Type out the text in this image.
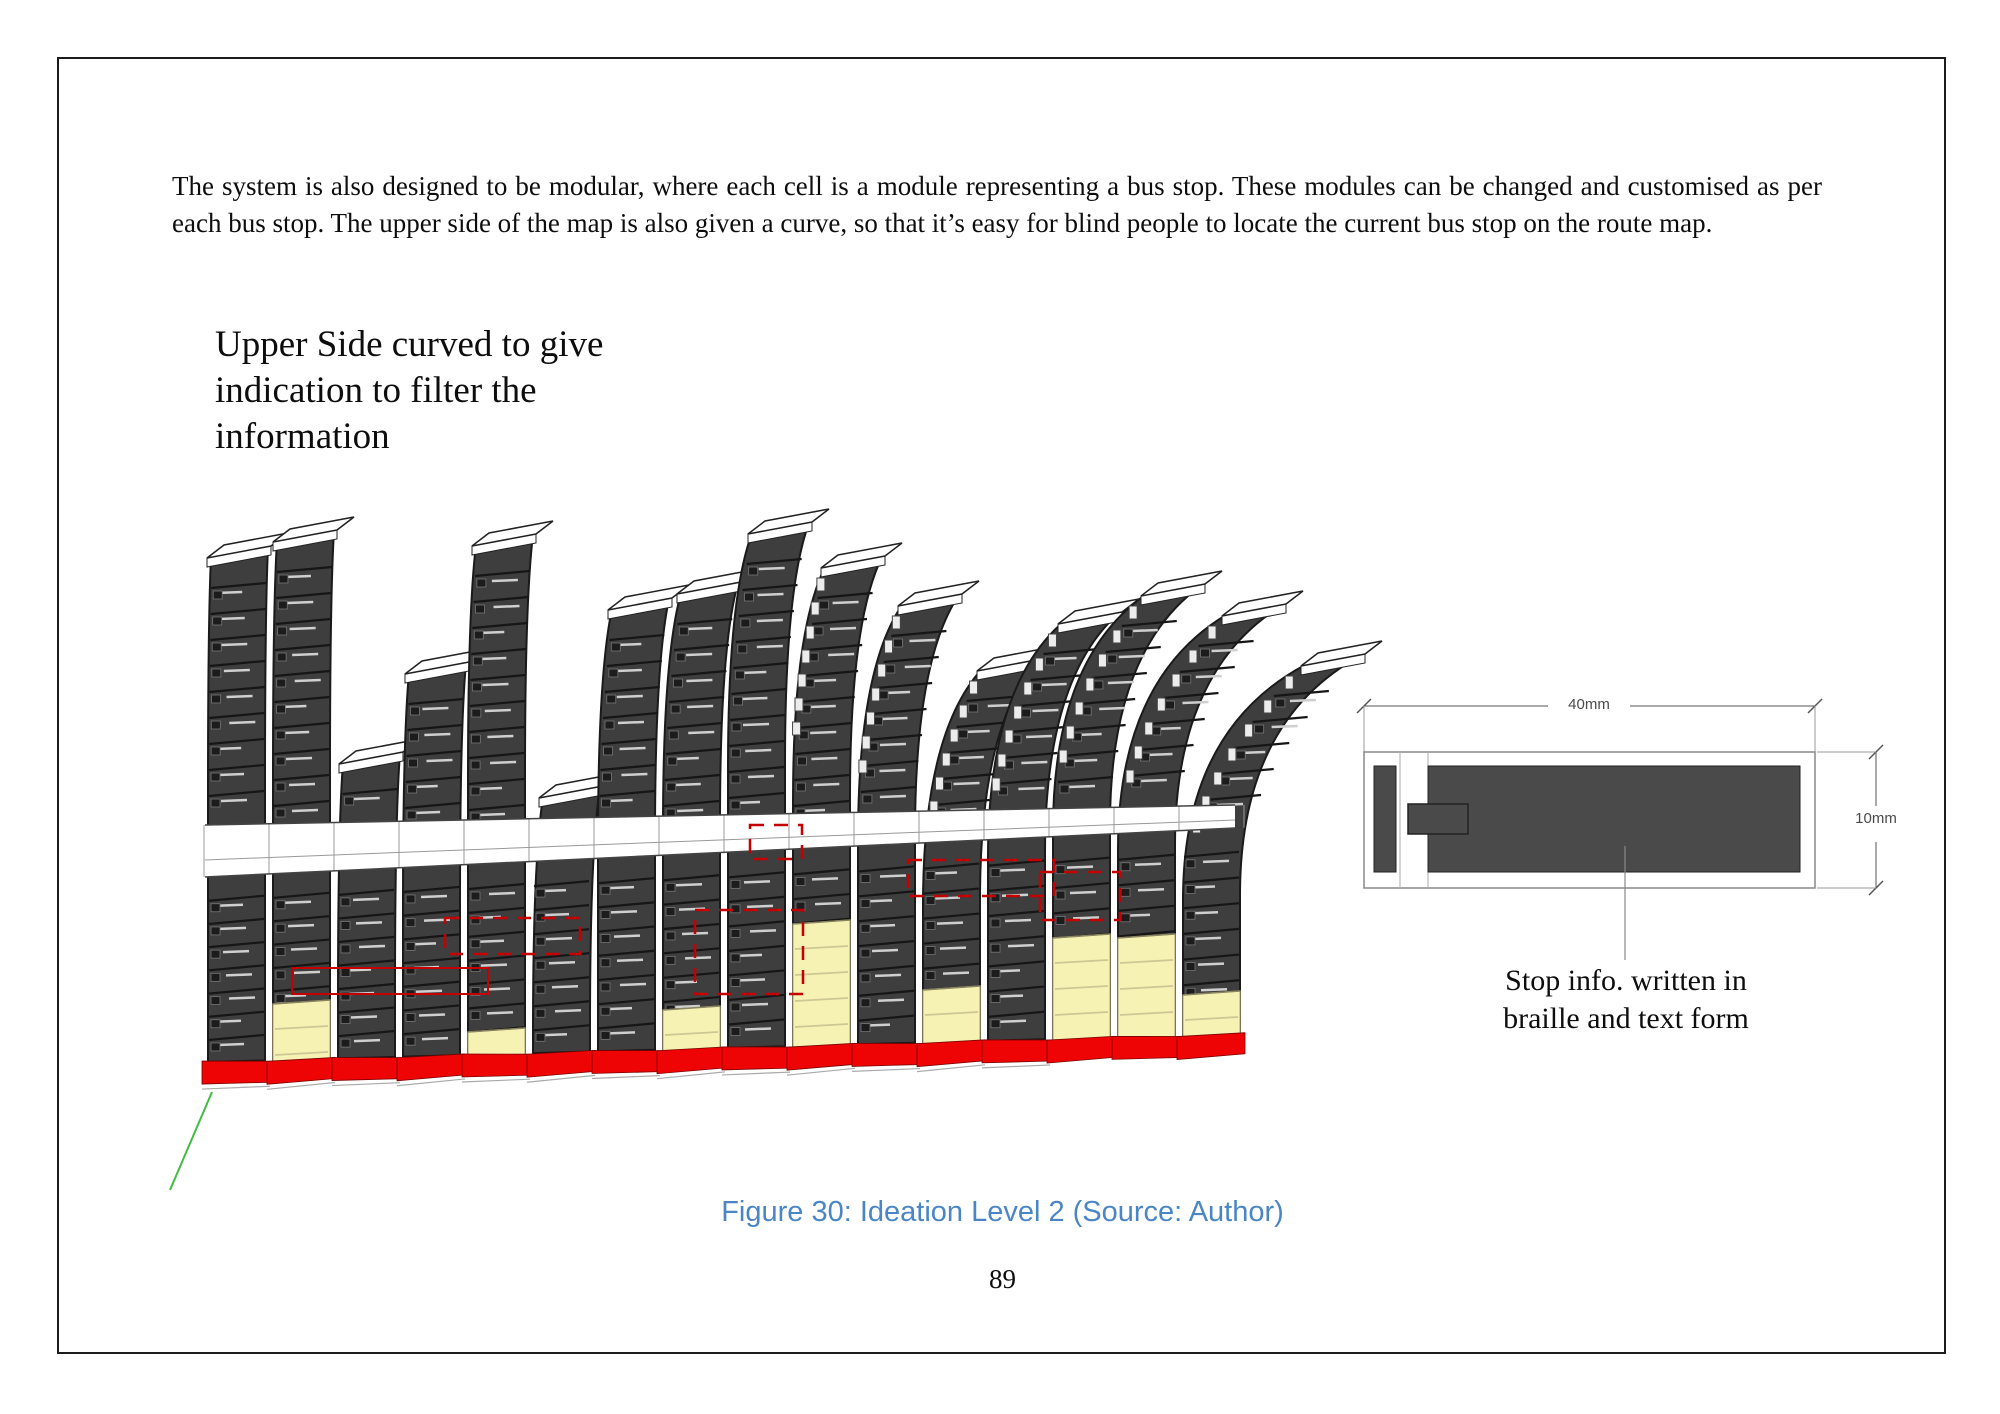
The system is also designed to be modular, where each cell is a module representing a bus stop. These modules can be changed and customised as per each bus stop. The upper side of the map is also given a curve, so that it’s easy for blind people to locate the current bus stop on the route map.
Upper Side curved to give indication to filter the information
40mm
10mm
Stop info. written in
braille and text form
Figure 30: Ideation Level 2 (Source: Author)
89
